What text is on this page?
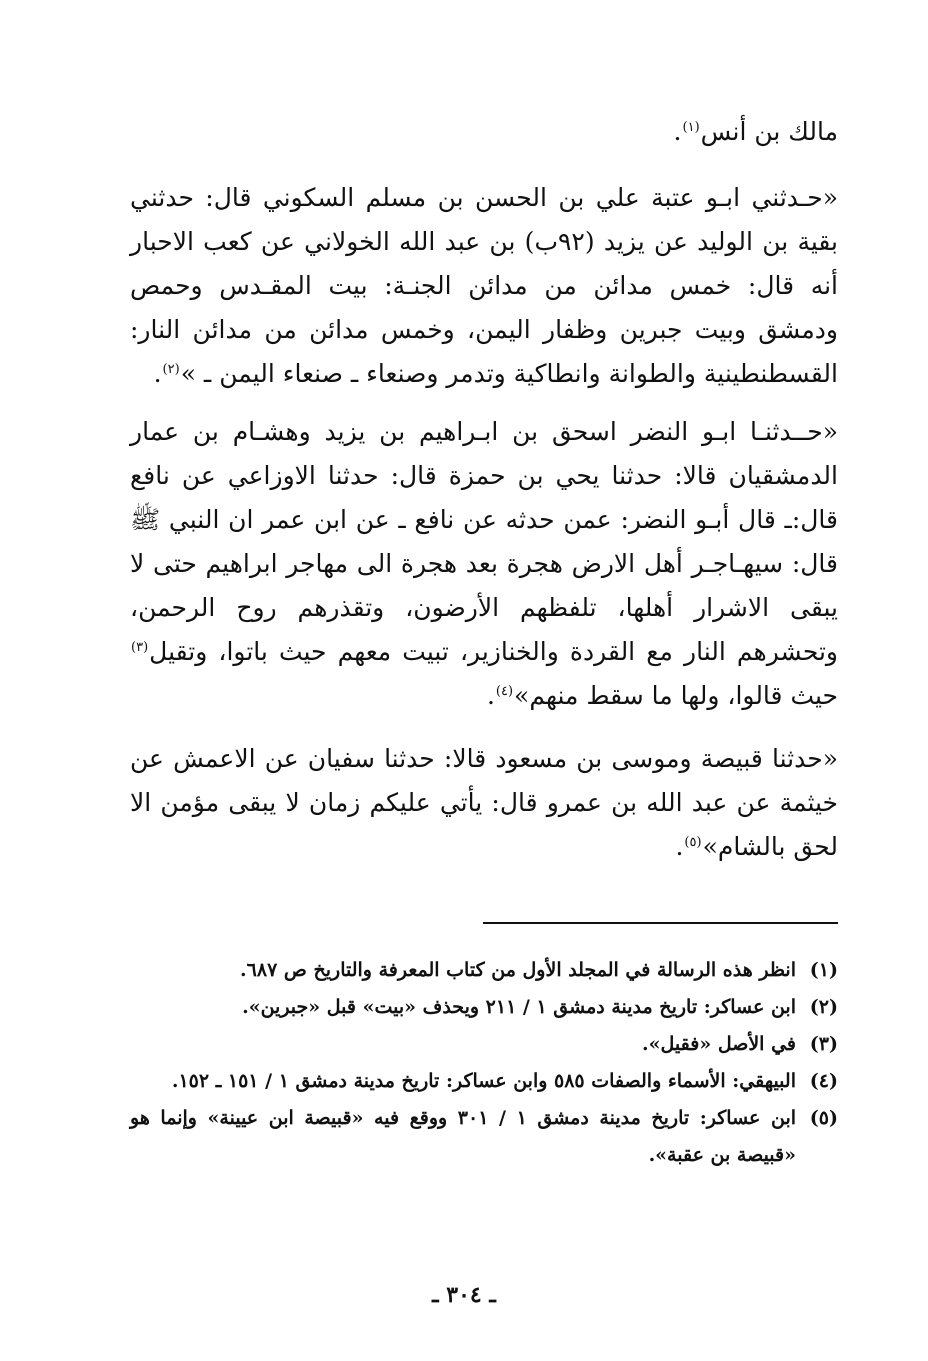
مالك بن أنس$^{(١)}$.

«حـدثني ابـو عتبة علي بن الحسن بن مسلم السكوني قال: حدثني بقية بن الوليد عن يزيد (٩٢ب) بن عبد الله الخولاني عن كعب الاحبار أنه قال: خمس مدائن من مدائن الجنـة: بيت المقـدس وحمص ودمشق وبيت جبرين وظفار اليمن، وخمس مدائن من مدائن النار: القسطنطينية والطوانة وانطاكية وتدمر وصنعاء ـ صنعاء اليمن ـ »$^{(٢)}$.

«حــدثنـا ابـو النضر اسحق بن ابـراهيم بن يزيد وهشـام بن عمار الدمشقيان قالا: حدثنا يحي بن حمزة قال: حدثنا الاوزاعي عن نافع قال:ـ قال أبـو النضر: عمن حدثه عن نافع ـ عن ابن عمر ان النبي ﷺ قال: سيهـاجـر أهل الارض هجرة بعد هجرة الى مهاجر ابراهيم حتى لا يبقى الاشرار أهلها، تلفظهم الأرضون، وتقذرهم روح الرحمن، وتحشرهم النار مع القردة والخنازير، تبيت معهم حيث باتوا، وتقيل$^{(٣)}$ حيث قالوا، ولها ما سقط منهم»$^{(٤)}$.

«حدثنا قبيصة وموسى بن مسعود قالا: حدثنا سفيان عن الاعمش عن خيثمة عن عبد الله بن عمرو قال: يأتي عليكم زمان لا يبقى مؤمن الا لحق بالشام»$^{(٥)}$.

(١)
انظر هذه الرسالة في المجلد الأول من كتاب المعرفة والتاريخ ص ٦٨٧.
(٢)
ابن عساكر: تاريخ مدينة دمشق ١ / ٢١١ ويحذف «بيت» قبل «جبرين».
(٣)
في الأصل «فقيل».
(٤)
البيهقي: الأسماء والصفات ٥٨٥ وابن عساكر: تاريخ مدينة دمشق ١ / ١٥١ ـ ١٥٢.
(٥)
ابن عساكر: تاريخ مدينة دمشق ١ / ٣٠١ ووقع فيه «قبيصة ابن عيينة» وإنما هو «قبيصة بن عقبة».
ـ ٣٠٤ ـ
